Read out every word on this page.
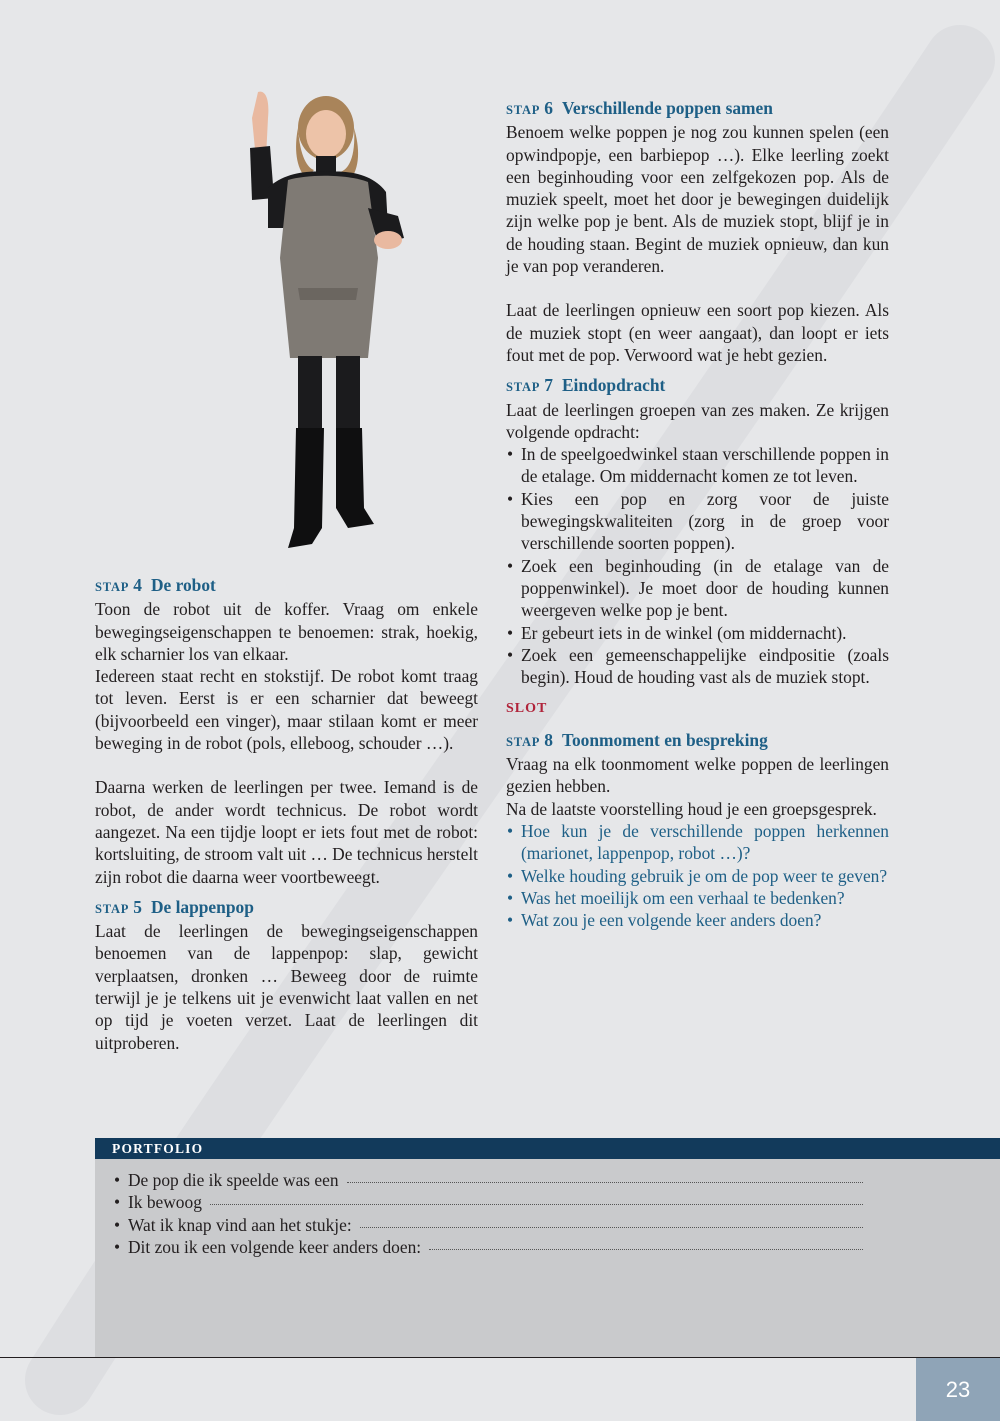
STAP 4 De robot

Toon de robot uit de koffer. Vraag om enkele bewegingseigenschappen te benoemen: strak, hoekig, elk scharnier los van elkaar.

Iedereen staat recht en stokstijf. De robot komt traag tot leven. Eerst is er een scharnier dat beweegt (bijvoorbeeld een vinger), maar stilaan komt er meer beweging in de robot (pols, elleboog, schouder …).

Daarna werken de leerlingen per twee. Iemand is de robot, de ander wordt technicus. De robot wordt aangezet. Na een tijdje loopt er iets fout met de robot: kortsluiting, de stroom valt uit … De technicus herstelt zijn robot die daarna weer voortbeweegt.

STAP 5 De lappenpop

Laat de leerlingen de bewegingseigenschappen benoemen van de lappenpop: slap, gewicht verplaatsen, dronken … Beweeg door de ruimte terwijl je je telkens uit je evenwicht laat vallen en net op tijd je voeten verzet. Laat de leerlingen dit uitproberen.

STAP 6 Verschillende poppen samen

Benoem welke poppen je nog zou kunnen spelen (een opwindpopje, een barbiepop …). Elke leerling zoekt een beginhouding voor een zelfgekozen pop. Als de muziek speelt, moet het door je bewegingen duidelijk zijn welke pop je bent. Als de muziek stopt, blijf je in de houding staan. Begint de muziek opnieuw, dan kun je van pop veranderen.

Laat de leerlingen opnieuw een soort pop kiezen. Als de muziek stopt (en weer aangaat), dan loopt er iets fout met de pop. Verwoord wat je hebt gezien.

STAP 7 Eindopdracht

Laat de leerlingen groepen van zes maken. Ze krijgen volgende opdracht:

• In de speelgoedwinkel staan verschillende poppen in de etalage. Om middernacht komen ze tot leven.
• Kies een pop en zorg voor de juiste bewegingskwaliteiten (zorg in de groep voor verschillende soorten poppen).
• Zoek een beginhouding (in de etalage van de poppenwinkel). Je moet door de houding kunnen weergeven welke pop je bent.
• Er gebeurt iets in de winkel (om middernacht).
• Zoek een gemeenschappelijke eindpositie (zoals begin). Houd de houding vast als de muziek stopt.
SLOT
STAP 8 Toonmoment en bespreking

Vraag na elk toonmoment welke poppen de leerlingen gezien hebben.

Na de laatste voorstelling houd je een groepsgesprek.

• Hoe kun je de verschillende poppen herkennen (marionet, lappenpop, robot …)?
• Welke houding gebruik je om de pop weer te geven?
• Was het moeilijk om een verhaal te bedenken?
• Wat zou je een volgende keer anders doen?
PORTFOLIO
• De pop die ik speelde was een
• Ik bewoog
• Wat ik knap vind aan het stukje:
• Dit zou ik een volgende keer anders doen:
23
